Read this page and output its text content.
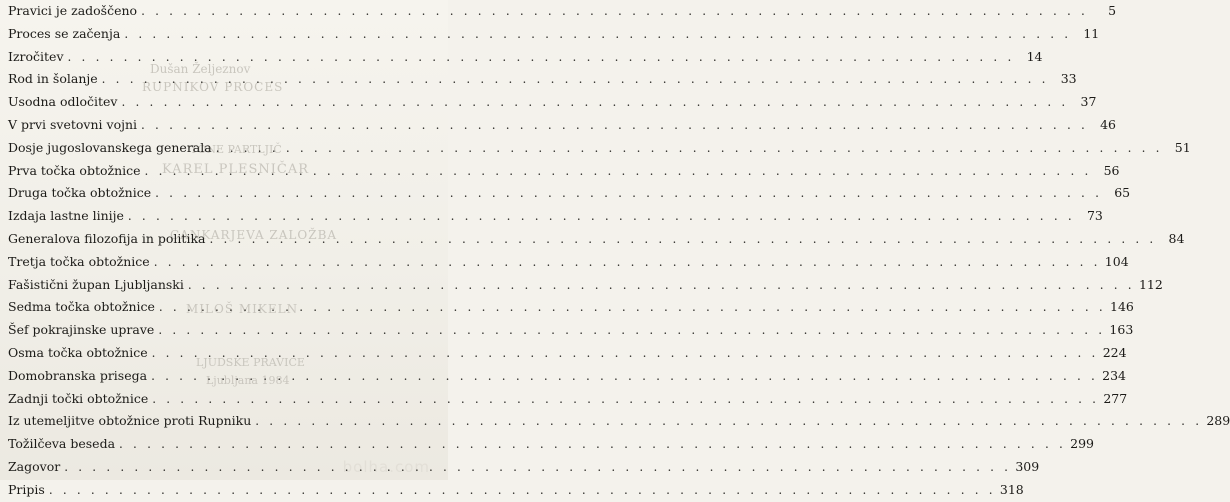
Dušan Željeznov
RUPNIKOV PROCES
TONE PARTLJIČ
KAREL PLESNIČAR
CANKARJEVA ZALOŽBA
MILOŠ MIKELN
LJUDSKE PRAVICE
Ljubljana 1984
bolha.com
Pravici je zadoščeno . . .	5
Proces se začenja . . .	11
Izročitev . . .	14
Rod in šolanje . . .	33
Usodna odločitev . . .	37
V prvi svetovni vojni . . .	46
Dosje jugoslovanskega generala . . .	51
Prva točka obtožnice . . .	56
Druga točka obtožnice . . .	65
Izdaja lastne linije . . .	73
Generalova filozofija in politika . . .	84
Tretja točka obtožnice . . .	104
Fašistični župan Ljubljanski . . .	112
Sedma točka obtožnice . . .	146
Šef pokrajinske uprave . . .	163
Osma točka obtožnice . . .	224
Domobranska prisega . . .	234
Zadnji točki obtožnice . . .	277
Iz utemeljitve obtožnice proti Rupniku . . .	289
Tožilčeva beseda . . .	299
Zagovor . . .	309
Pripis . . .	318
